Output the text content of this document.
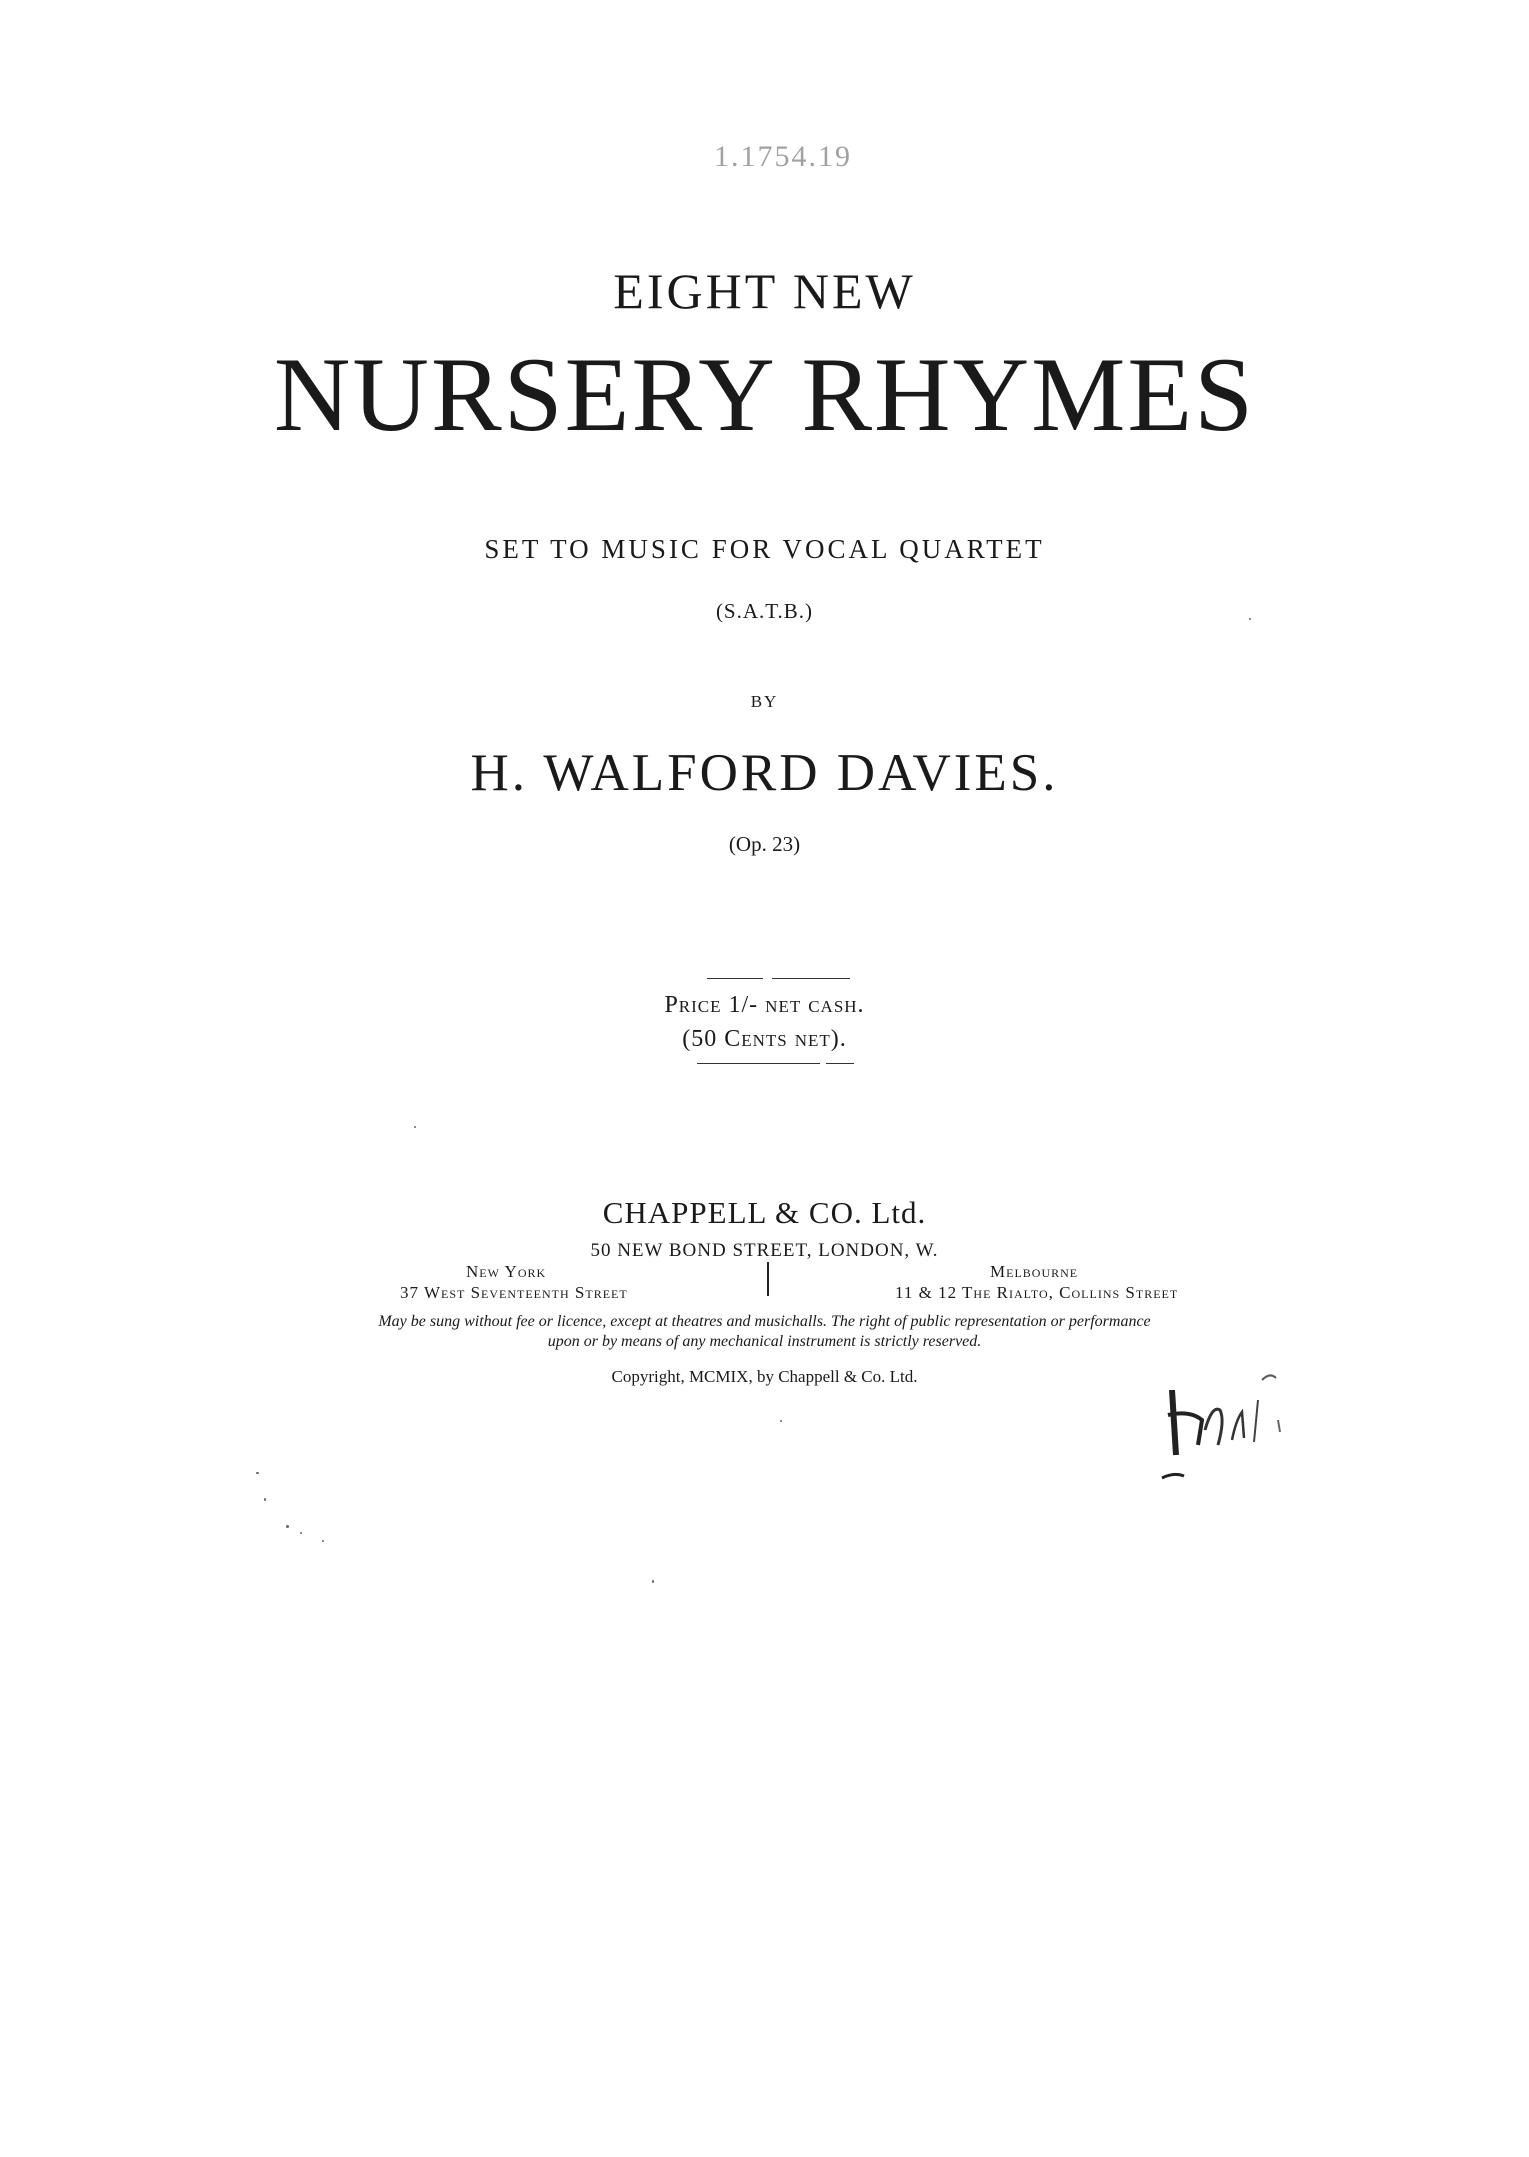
1.1754.19
EIGHT NEW
NURSERY RHYMES
SET TO MUSIC FOR VOCAL QUARTET
(S.A.T.B.)
BY
H. WALFORD DAVIES.
(Op. 23)
Price 1/- net cash.
(50 Cents net).
CHAPPELL & CO. Ltd.
50 NEW BOND STREET, LONDON, W.
New York
37 West Seventeenth Street
Melbourne
11 & 12 The Rialto, Collins Street
May be sung without fee or licence, except at theatres and musichalls. The right of public representation or performance
upon or by means of any mechanical instrument is strictly reserved.
Copyright, MCMIX, by Chappell & Co. Ltd.
